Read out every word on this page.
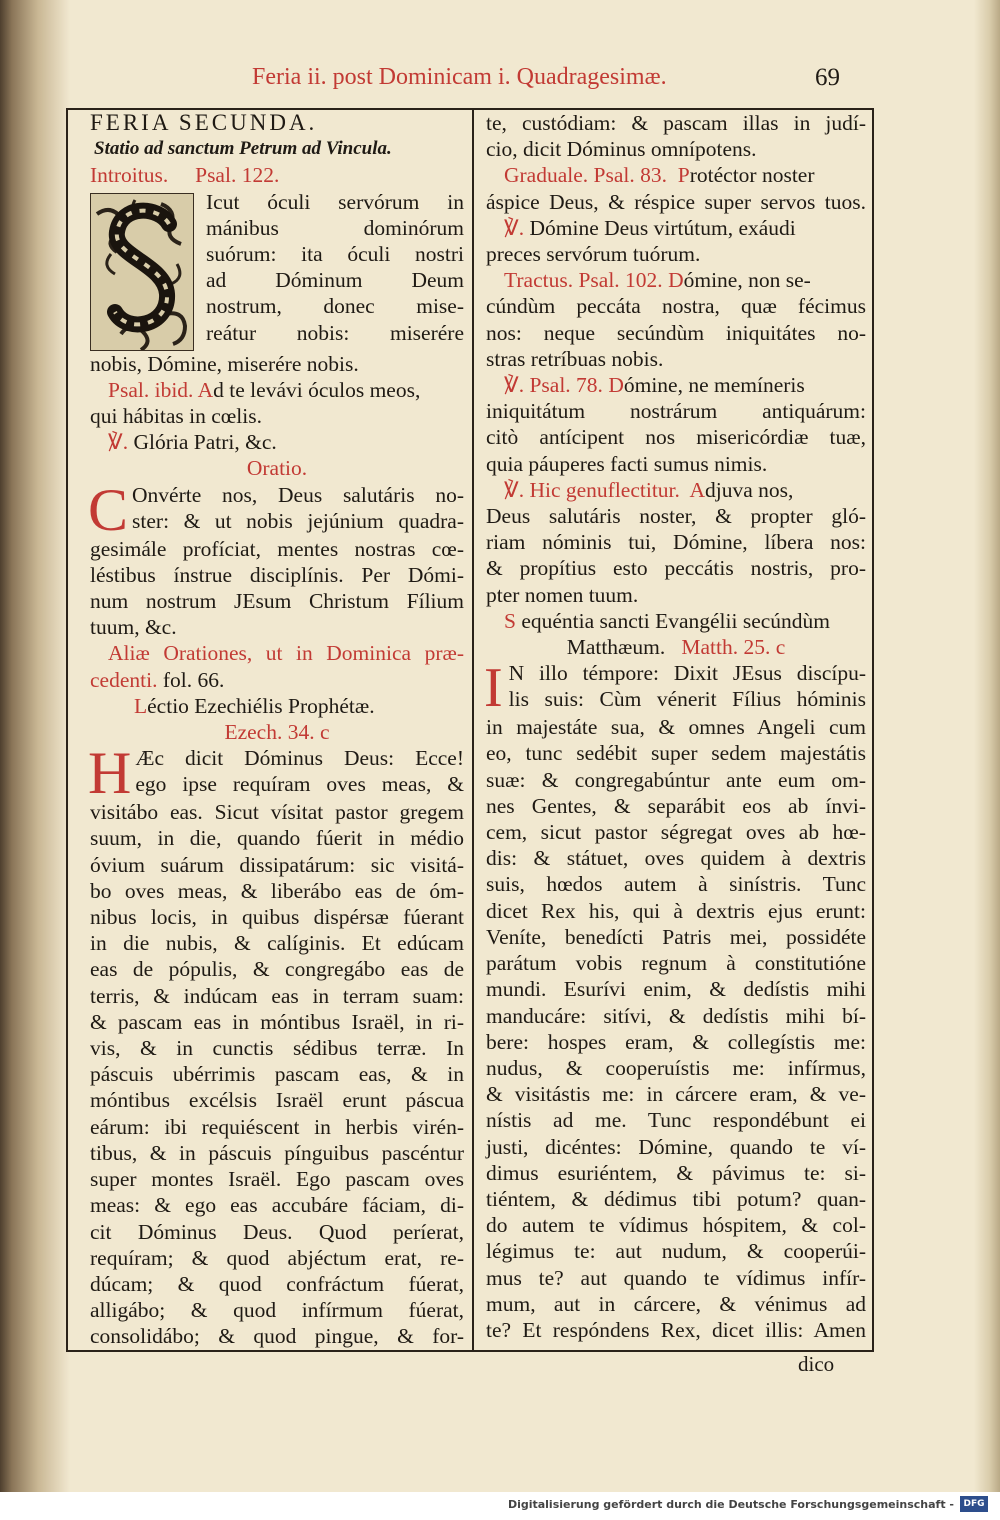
Feria ii. post Dominicam i. Quadragesimæ.	69

FERIA SECUNDA.

Statio ad sanctum Petrum ad Vincula.

Introitus. Psal. 122.

Icut óculi servórum in

mánibus dominórum

suórum: ita óculi nostri

ad Dóminum Deum

nostrum, donec mise-

reátur nobis: miserére

nobis, Dómine, miserére nobis.

Psal. ibid. Ad te levávi óculos meos,

qui hábitas in cœlis.

℣. Glória Patri, &c.

Oratio.

C Onvérte nos, Deus salutáris no-

ster: & ut nobis jejúnium quadra-

gesimále profíciat, mentes nostras cœ-

léstibus ínstrue disciplínis. Per Dómi-

num nostrum JEsum Christum Fílium

tuum, &c.

Aliæ Orationes, ut in Dominica præ-

cedenti. fol. 66.

Léctio Ezechiélis Prophétæ.

Ezech. 34. c

H Æc dicit Dóminus Deus: Ecce!

ego ipse requíram oves meas, &

visitábo eas. Sicut vísitat pastor gregem

suum, in die, quando fúerit in médio

óvium suárum dissipatárum: sic visitá-

bo oves meas, & liberábo eas de óm-

nibus locis, in quibus dispérsæ fúerant

in die nubis, & calíginis. Et edúcam

eas de pópulis, & congregábo eas de

terris, & indúcam eas in terram suam:

& pascam eas in móntibus Israël, in ri-

vis, & in cunctis sédibus terræ. In

páscuis ubérrimis pascam eas, & in

móntibus excélsis Israël erunt páscua

eárum: ibi requiéscent in herbis virén-

tibus, & in páscuis pínguibus pascéntur

super montes Israël. Ego pascam oves

meas: & ego eas accubáre fáciam, di-

cit Dóminus Deus. Quod períerat,

requíram; & quod abjéctum erat, re-

dúcam; & quod confráctum fúerat,

alligábo; & quod infírmum fúerat,

consolidábo; & quod pingue, & for-

te, custódiam: & pascam illas in judí-

cio, dicit Dóminus omnípotens.

Graduale. Psal. 83. Protéctor noster

áspice Deus, & réspice super servos tuos.

℣. Dómine Deus virtútum, exáudi

preces servórum tuórum.

Tractus. Psal. 102. Dómine, non se-

cúndùm peccáta nostra, quæ fécimus

nos: neque secúndùm iniquitátes no-

stras retríbuas nobis.

℣. Psal. 78. Dómine, ne memíneris

iniquitátum nostrárum antiquárum:

citò antícipent nos misericórdiæ tuæ,

quia páuperes facti sumus nimis.

℣. Hic genuflectitur. Adjuva nos,

Deus salutáris noster, & propter gló-

riam nóminis tui, Dómine, líbera nos:

& propítius esto peccátis nostris, pro-

pter nomen tuum.

S equéntia sancti Evangélii secúndùm

Matthæum. Matth. 25. c

I N illo témpore: Dixit JEsus discípu-

lis suis: Cùm vénerit Fílius hóminis

in majestáte sua, & omnes Angeli cum

eo, tunc sedébit super sedem majestátis

suæ: & congregabúntur ante eum om-

nes Gentes, & separábit eos ab ínvi-

cem, sicut pastor ségregat oves ab hœ-

dis: & státuet, oves quidem à dextris

suis, hœdos autem à sinístris. Tunc

dicet Rex his, qui à dextris ejus erunt:

Veníte, benedícti Patris mei, possidéte

parátum vobis regnum à constitutióne

mundi. Esurívi enim, & dedístis mihi

manducáre: sitívi, & dedístis mihi bí-

bere: hospes eram, & collegístis me:

nudus, & cooperuístis me: infírmus,

& visitástis me: in cárcere eram, & ve-

nístis ad me. Tunc respondébunt ei

justi, dicéntes: Dómine, quando te ví-

dimus esuriéntem, & pávimus te: si-

tiéntem, & dédimus tibi potum? quan-

do autem te vídimus hóspitem, & col-

légimus te: aut nudum, & cooperúi-

mus te? aut quando te vídimus infír-

mum, aut in cárcere, & vénimus ad

te? Et respóndens Rex, dicet illis: Amen

dico
Digitalisierung gefördert durch die Deutsche Forschungsgemeinschaft -	DFG
